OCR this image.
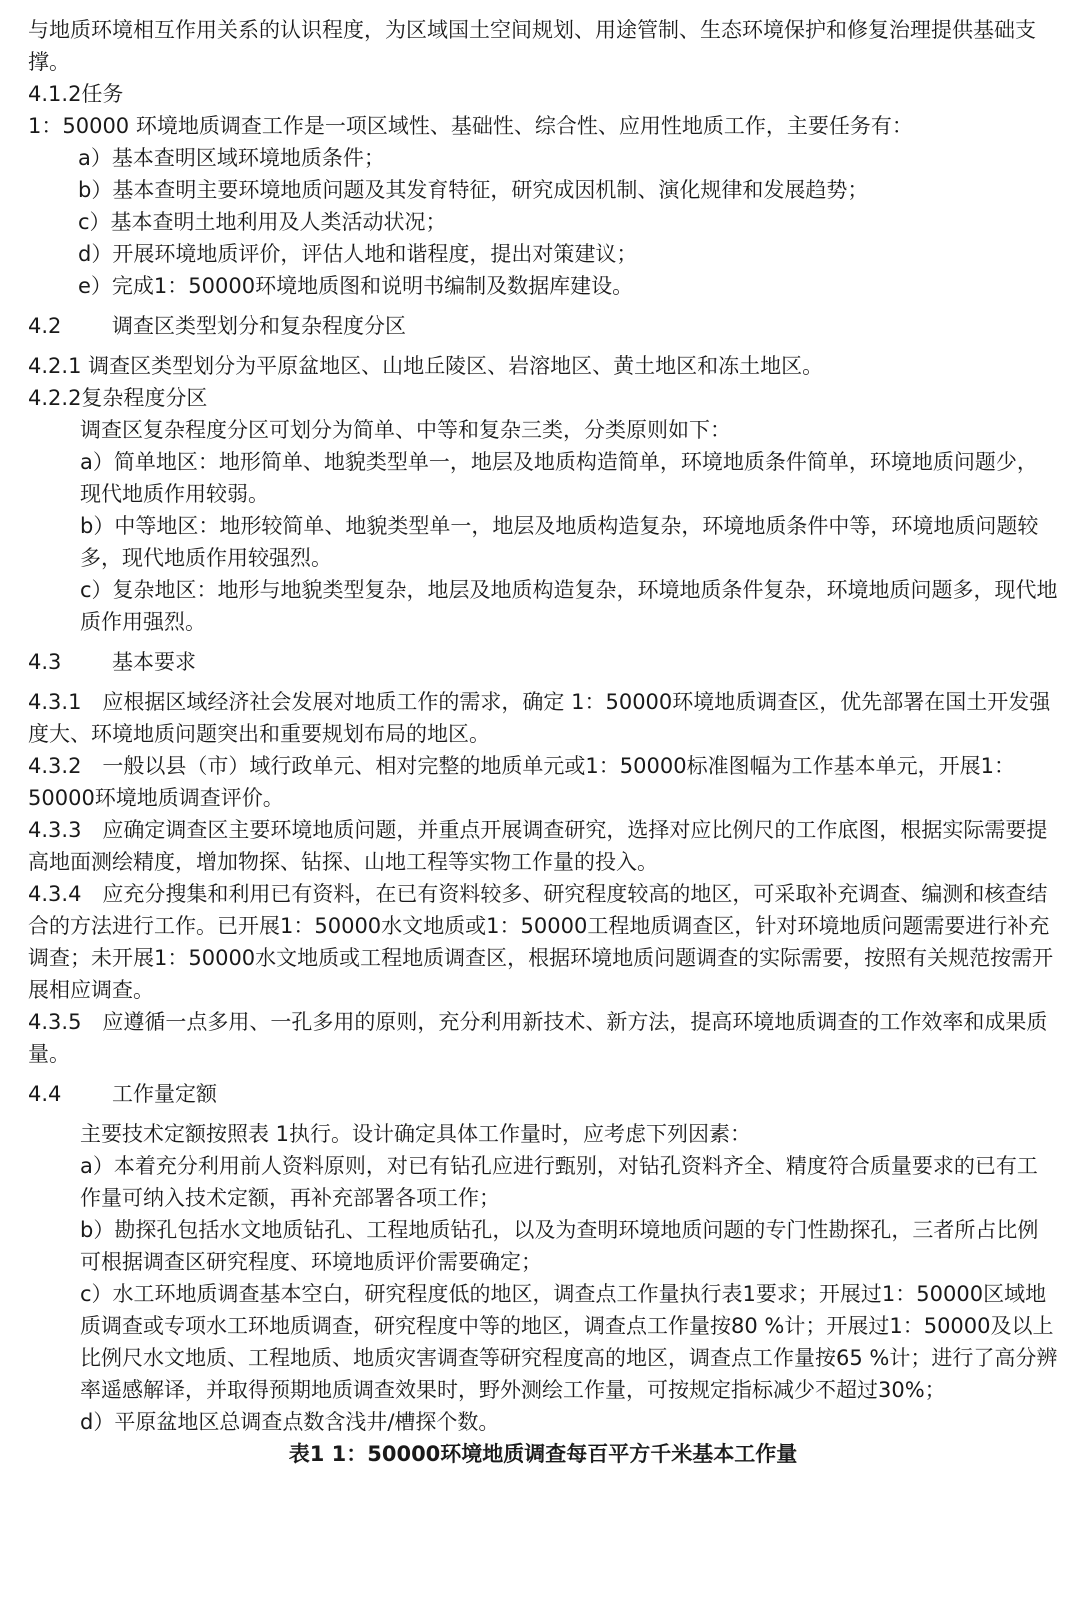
与地质环境相互作用关系的认识程度，为区域国土空间规划、用途管制、生态环境保护和修复治理提供基础支撑。

4.1.2任务

1：50000 环境地质调查工作是一项区域性、基础性、综合性、应用性地质工作，主要任务有：

a）基本查明区域环境地质条件；

b）基本查明主要环境地质问题及其发育特征，研究成因机制、演化规律和发展趋势；

c）基本查明土地利用及人类活动状况；

d）开展环境地质评价，评估人地和谐程度，提出对策建议；

e）完成1：50000环境地质图和说明书编制及数据库建设。

4.2 调查区类型划分和复杂程度分区

4.2.1 调查区类型划分为平原盆地区、山地丘陵区、岩溶地区、黄土地区和冻土地区。

4.2.2复杂程度分区

调查区复杂程度分区可划分为简单、中等和复杂三类，分类原则如下：

a）简单地区：地形简单、地貌类型单一，地层及地质构造简单，环境地质条件简单，环境地质问题少，现代地质作用较弱。

b）中等地区：地形较简单、地貌类型单一，地层及地质构造复杂，环境地质条件中等，环境地质问题较多，现代地质作用较强烈。

c）复杂地区：地形与地貌类型复杂，地层及地质构造复杂，环境地质条件复杂，环境地质问题多，现代地质作用强烈。

4.3 基本要求

4.3.1　应根据区域经济社会发展对地质工作的需求，确定 1：50000环境地质调查区，优先部署在国土开发强度大、环境地质问题突出和重要规划布局的地区。

4.3.2　一般以县（市）域行政单元、相对完整的地质单元或1：50000标准图幅为工作基本单元，开展1：50000环境地质调查评价。

4.3.3　应确定调查区主要环境地质问题，并重点开展调查研究，选择对应比例尺的工作底图，根据实际需要提高地面测绘精度，增加物探、钻探、山地工程等实物工作量的投入。

4.3.4　应充分搜集和利用已有资料，在已有资料较多、研究程度较高的地区，可采取补充调查、编测和核查结合的方法进行工作。已开展1：50000水文地质或1：50000工程地质调查区，针对环境地质问题需要进行补充调查；未开展1：50000水文地质或工程地质调查区，根据环境地质问题调查的实际需要，按照有关规范按需开展相应调查。

4.3.5　应遵循一点多用、一孔多用的原则，充分利用新技术、新方法，提高环境地质调查的工作效率和成果质量。

4.4 工作量定额

主要技术定额按照表 1执行。设计确定具体工作量时，应考虑下列因素：

a）本着充分利用前人资料原则，对已有钻孔应进行甄别，对钻孔资料齐全、精度符合质量要求的已有工作量可纳入技术定额，再补充部署各项工作；

b）勘探孔包括水文地质钻孔、工程地质钻孔，以及为查明环境地质问题的专门性勘探孔，三者所占比例可根据调查区研究程度、环境地质评价需要确定；

c）水工环地质调查基本空白，研究程度低的地区，调查点工作量执行表1要求；开展过1：50000区域地质调查或专项水工环地质调查，研究程度中等的地区，调查点工作量按80 %计；开展过1：50000及以上比例尺水文地质、工程地质、地质灾害调查等研究程度高的地区，调查点工作量按65 %计；进行了高分辨率遥感解译，并取得预期地质调查效果时，野外测绘工作量，可按规定指标减少不超过30%；

d）平原盆地区总调查点数含浅井/槽探个数。

表1 1：50000环境地质调查每百平方千米基本工作量
